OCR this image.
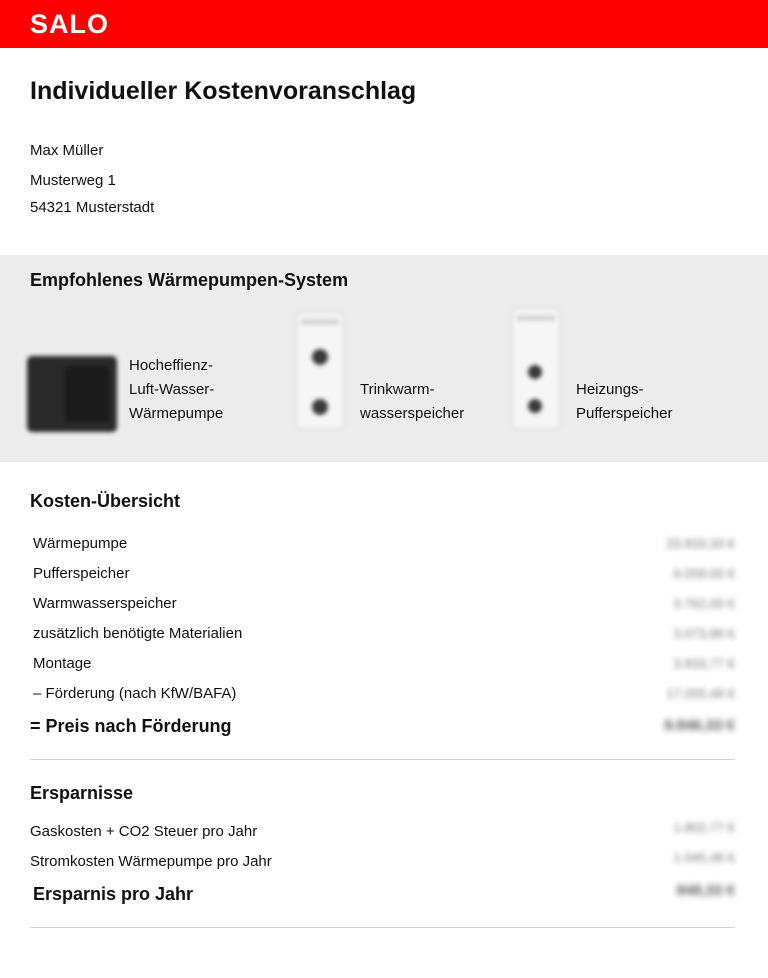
SALO
Individueller Kostenvoranschlag
Max Müller
Musterweg 1
54321 Musterstadt
Empfohlenes Wärmepumpen-System
Hocheffienz-
Luft-Wasser-
Wärmepumpe
Trinkwarm-
wasserspeicher
Heizungs-
Pufferspeicher
Kosten-Übersicht
Wärmepumpe	23.833,33 €
Pufferspeicher	6.058,00 €
Warmwasserspeicher	3.762,00 €
zusätzlich benötigte Materialien	3.073,88 €
Montage	3.833,77 €
– Förderung (nach KfW/BAFA)	17.055,48 €
= Preis nach Förderung	9.846,33 €
Ersparnisse
Gaskosten + CO2 Steuer pro Jahr	1.802,77 €
Stromkosten Wärmepumpe pro Jahr	1.045,48 €
Ersparnis pro Jahr	848,33 €
